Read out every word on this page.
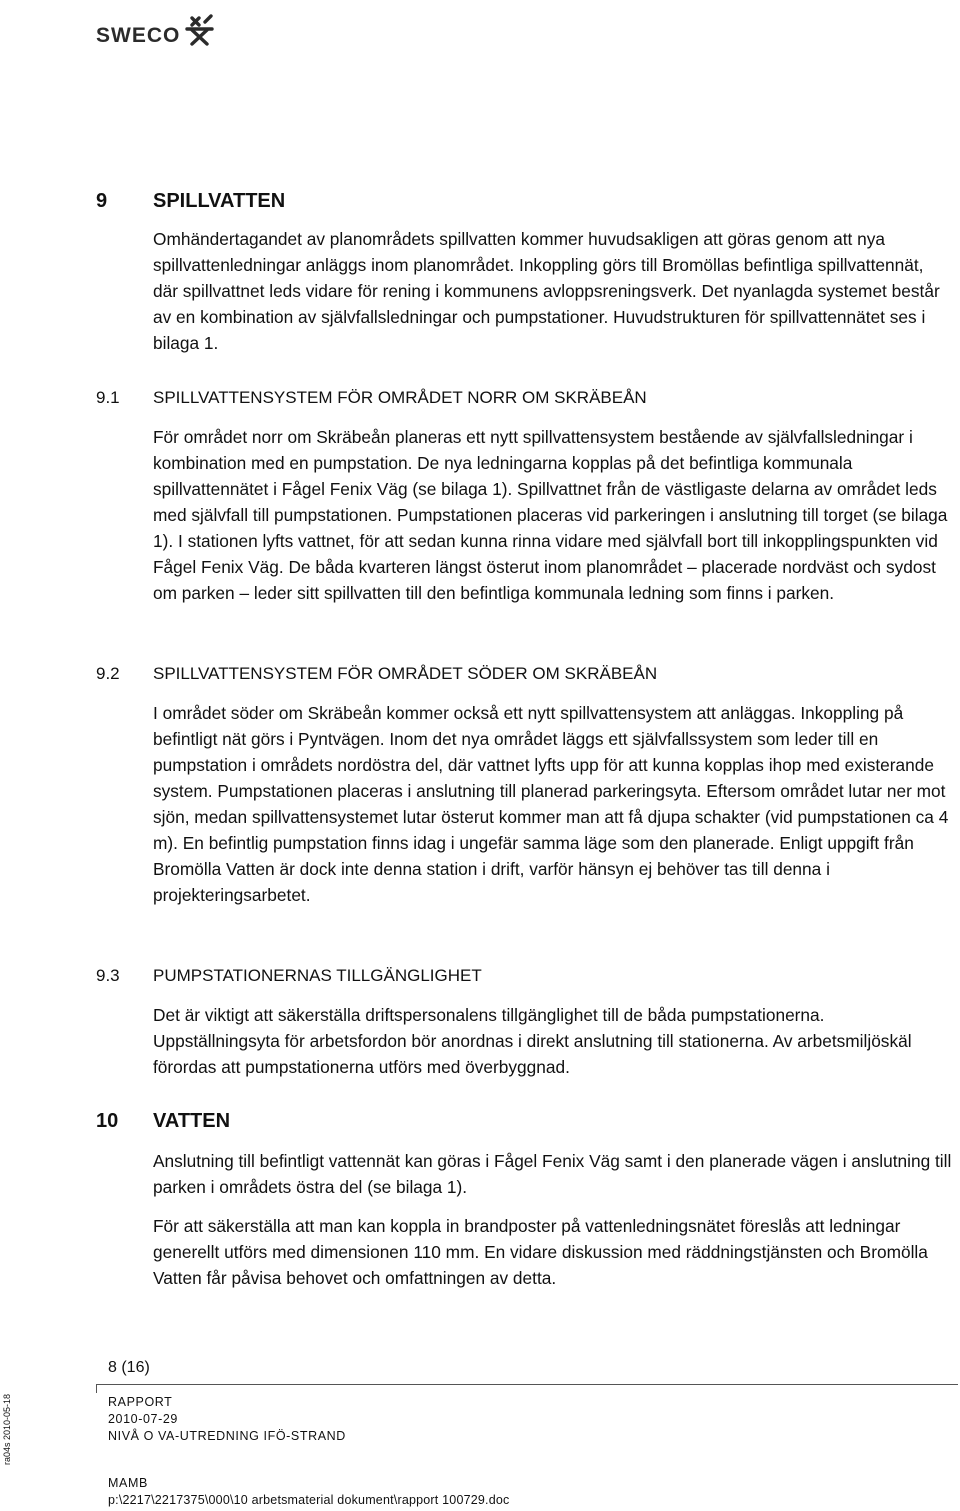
SWECO
9 SPILLVATTEN

Omhändertagandet av planområdets spillvatten kommer huvudsakligen att göras genom att nya spillvattenledningar anläggs inom planområdet. Inkoppling görs till Bromöllas befintliga spillvattennät, där spillvattnet leds vidare för rening i kommunens avloppsreningsverk. Det nyanlagda systemet består av en kombination av självfallsledningar och pumpstationer. Huvudstrukturen för spillvattennätet ses i bilaga 1.

9.1 SPILLVATTENSYSTEM FÖR OMRÅDET NORR OM SKRÄBEÅN

För området norr om Skräbeån planeras ett nytt spillvattensystem bestående av självfallsledningar i kombination med en pumpstation. De nya ledningarna kopplas på det befintliga kommunala spillvattennätet i Fågel Fenix Väg (se bilaga 1). Spillvattnet från de västligaste delarna av området leds med självfall till pumpstationen. Pumpstationen placeras vid parkeringen i anslutning till torget (se bilaga 1). I stationen lyfts vattnet, för att sedan kunna rinna vidare med självfall bort till inkopplingspunkten vid Fågel Fenix Väg. De båda kvarteren längst österut inom planområdet – placerade nordväst och sydost om parken – leder sitt spillvatten till den befintliga kommunala ledning som finns i parken.

9.2 SPILLVATTENSYSTEM FÖR OMRÅDET SÖDER OM SKRÄBEÅN

I området söder om Skräbeån kommer också ett nytt spillvattensystem att anläggas. Inkoppling på befintligt nät görs i Pyntvägen. Inom det nya området läggs ett självfallssystem som leder till en pumpstation i områdets nordöstra del, där vattnet lyfts upp för att kunna kopplas ihop med existerande system. Pumpstationen placeras i anslutning till planerad parkeringsyta. Eftersom området lutar ner mot sjön, medan spillvattensystemet lutar österut kommer man att få djupa schakter (vid pumpstationen ca 4 m). En befintlig pumpstation finns idag i ungefär samma läge som den planerade. Enligt uppgift från Bromölla Vatten är dock inte denna station i drift, varför hänsyn ej behöver tas till denna i projekteringsarbetet.

9.3 PUMPSTATIONERNAS TILLGÄNGLIGHET

Det är viktigt att säkerställa driftspersonalens tillgänglighet till de båda pumpstationerna. Uppställningsyta för arbetsfordon bör anordnas i direkt anslutning till stationerna. Av arbetsmiljöskäl förordas att pumpstationerna utförs med överbyggnad.

10 VATTEN

Anslutning till befintligt vattennät kan göras i Fågel Fenix Väg samt i den planerade vägen i anslutning till parken i områdets östra del (se bilaga 1).

För att säkerställa att man kan koppla in brandposter på vattenledningsnätet föreslås att ledningar generellt utförs med dimensionen 110 mm. En vidare diskussion med räddningstjänsten och Bromölla Vatten får påvisa behovet och omfattningen av detta.

8 (16)
RAPPORT
2010-07-29
NIVÅ O VA-UTREDNING IFÖ-STRAND
MAMB
p:\2217\2217375\000\10 arbetsmaterial dokument\rapport 100729.doc
ra04s 2010-05-18
